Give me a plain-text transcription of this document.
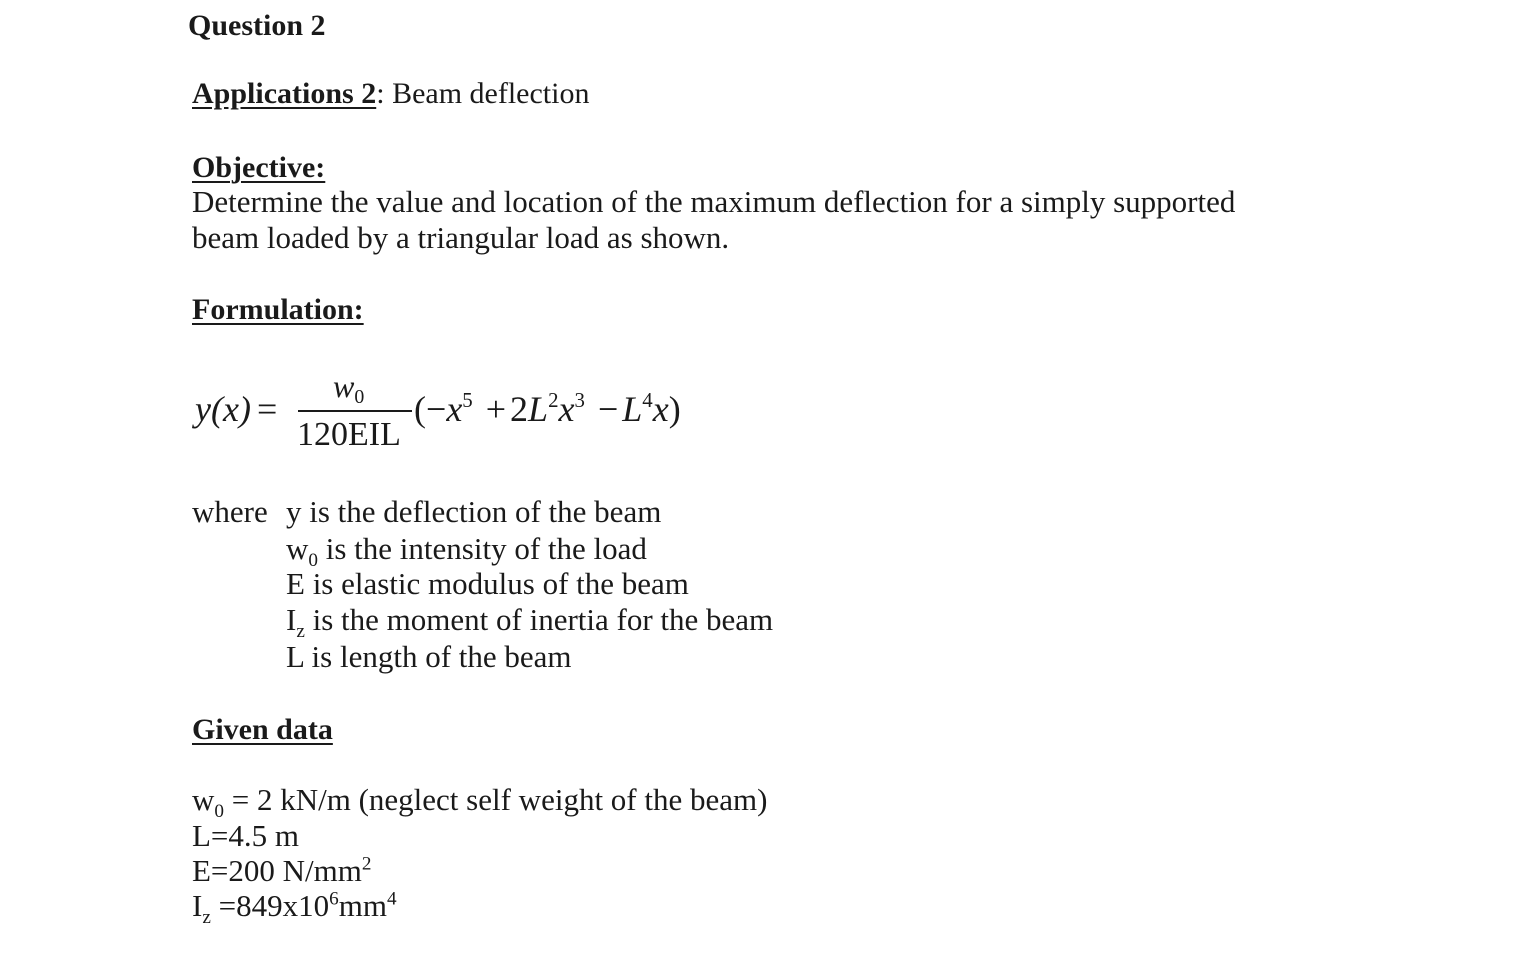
Question 2
Applications 2: Beam deflection
Objective:
Determine the value and location of the maximum deflection for a simply supported
beam loaded by a triangular load as shown.
Formulation:
y(x) =
w0
120EIL
$(-x^5 + 2L^2x^3 - L^4x)$
where y is the deflection of the beam
$w_0$ is the intensity of the load
E is elastic modulus of the beam
$I_z$ is the moment of inertia for the beam
L is length of the beam
Given data
$w_0 = 2$ kN/m (neglect self weight of the beam)
L=4.5 m
E=200 $N/mm^2$
$I_z =849x10^6mm^4$
